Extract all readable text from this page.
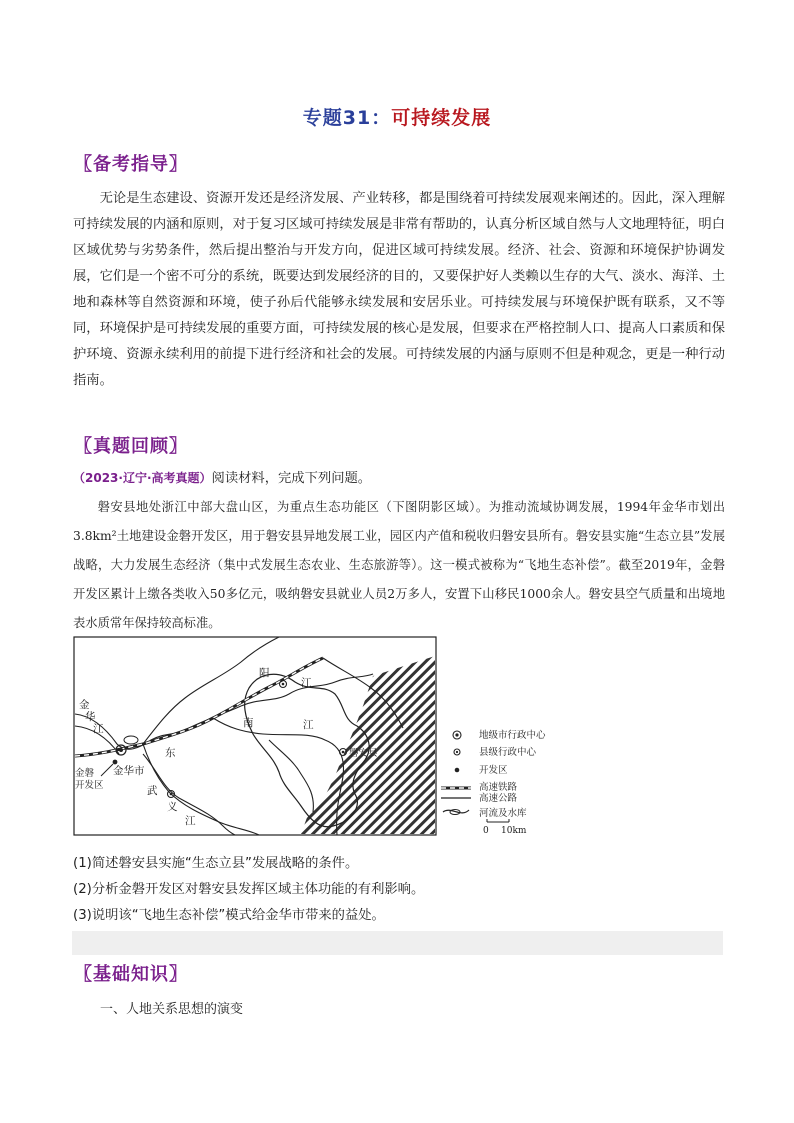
专题31：可持续发展
〖备考指导〗
无论是生态建设、资源开发还是经济发展、产业转移，都是围绕着可持续发展观来阐述的。因此，深入理解可持续发展的内涵和原则，对于复习区域可持续发展是非常有帮助的，认真分析区域自然与人文地理特征，明白区域优势与劣势条件，然后提出整治与开发方向，促进区域可持续发展。经济、社会、资源和环境保护协调发展，它们是一个密不可分的系统，既要达到发展经济的目的，又要保护好人类赖以生存的大气、淡水、海洋、土地和森林等自然资源和环境，使子孙后代能够永续发展和安居乐业。可持续发展与环境保护既有联系，又不等同，环境保护是可持续发展的重要方面，可持续发展的核心是发展，但要求在严格控制人口、提高人口素质和保护环境、资源永续利用的前提下进行经济和社会的发展。可持续发展的内涵与原则不但是种观念，更是一种行动指南。
〖真题回顾〗
（2023·辽宁·高考真题）阅读材料，完成下列问题。
磐安县地处浙江中部大盘山区，为重点生态功能区（下图阴影区域）。为推动流域协调发展，1994年金华市划出3.8km²土地建设金磐开发区，用于磐安县异地发展工业，园区内产值和税收归磐安县所有。磐安县实施“生态立县”发展战略，大力发展生态经济（集中式发展生态农业、生态旅游等）。这一模式被称为“飞地生态补偿”。截至2019年，金磐开发区累计上缴各类收入50多亿元，吸纳磐安县就业人员2万多人，安置下山移民1000余人。磐安县空气质量和出境地表水质常年保持较高标准。
金
华
江
金磐
开发区
金华市
东
阳
江
南	江
武
义
江
磐安县
地级市行政中心
县级行政中心
开发区
高速铁路
高速公路
河流及水库
0 10km
(1)简述磐安县实施“生态立县”发展战略的条件。
(2)分析金磐开发区对磐安县发挥区域主体功能的有利影响。
(3)说明该“飞地生态补偿”模式给金华市带来的益处。
〖基础知识〗
一、人地关系思想的演变
